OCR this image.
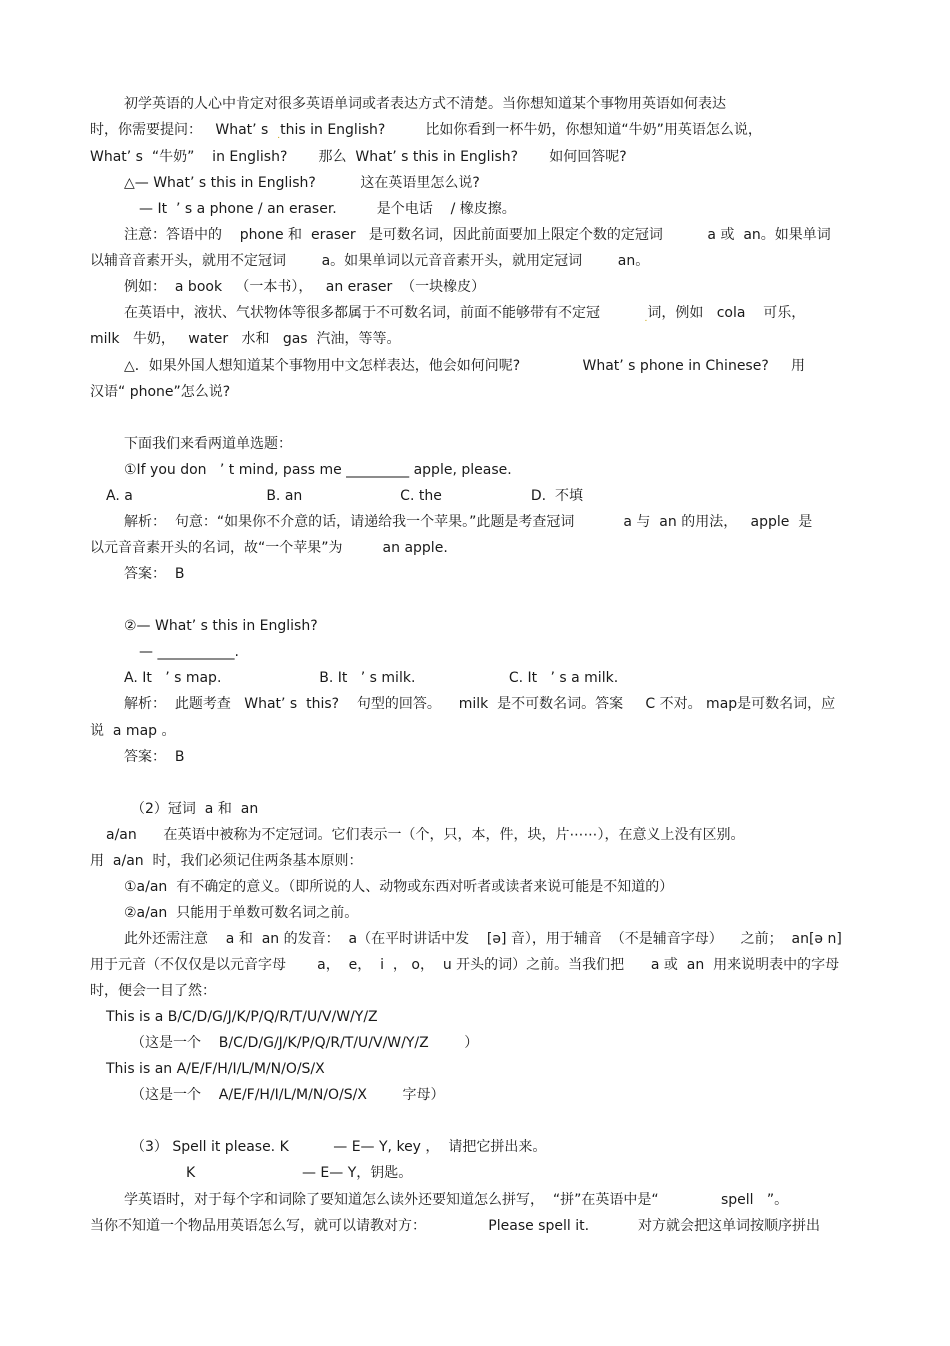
初学英语的人心中肯定对很多英语单词或者表达方式不清楚。当你想知道某个事物用英语如何表达
时，你需要提问：   What’ s  $_.$this in English?         比如你看到一杯牛奶，你想知道“牛奶”用英语怎么说，
What’ s  “牛奶”    in English?       那么  What’ s this in English?       如何回答呢?
△— What’ s this in English?          这在英语里怎么说?
— It  ’ s a phone / an eraser.         是个电话    / 橡皮擦。
注意：答语中的    phone 和  eraser   是可数名词，因此前面要加上限定个数的定冠词          a 或  an。如果单词
以辅音音素开头，就用不定冠词        a。如果单词以元音音素开头，就用定冠词        an。
例如：  a book   （一本书），   an eraser  （一块橡皮）
在英语中，液状、气状物体等很多都属于不可数名词，前面不能够带有不定冠          $_.$词，例如   cola    可乐，
milk   牛奶，   water   水和   gas  汽油，等等。
△．如果外国人想知道某个事物用中文怎样表达，他会如何问呢?              What’ s phone in Chinese?     用
汉语“ phone”怎么说?
下面我们来看两道单选题：
①If you don   ’ t mind, pass me _________ apple, please.
A. a                              B. an                      C. the                    D.  不填
解析：  句意：“如果你不介意的话，请递给我一个苹果。”此题是考查冠词           a 与  an 的用法，   apple  是
以元音音素开头的名词，故“一个苹果”为         an apple.
答案：  B
②— What’ s this in English?
— ___________.
A. It   ’ s map.                      B. It   ’ s milk.                     C. It   ’ s a milk.
解析：  此题考查   What’ s  this?    句型的回答。    milk  是不可数名词。答案     C 不对。 map是可数名词，应
说  a map 。
答案：  B
（2）冠词  a 和  an
a/an      在英语中被称为不定冠词。它们表示一（个，只，本，件，块，片⋯⋯），在意义上没有区别。
用  a/an  时，我们必须记住两条基本原则：
①a/an  有不确定的意义。（即所说的人、动物或东西对听者或读者来说可能是不知道的）
②a/an  只能用于单数可数名词之前。
此外还需注意    a 和  an 的发音：  a（在平时讲话中发    [ə] 音），用于辅音  （不是辅音字母）    之前；  an[ə n]
用于元音（不仅仅是以元音字母       a，  e，  i  ， o，  u 开头的词）之前。当我们把      a 或  an  用来说明表中的字母
时，便会一目了然：
This is a B/C/D/G/J/K/P/Q/R/T/U/V/W/Y/Z
（这是一个    B/C/D/G/J/K/P/Q/R/T/U/V/W/Y/Z        ）
This is an A/E/F/H/I/L/M/N/O/S/X
（这是一个    A/E/F/H/I/L/M/N/O/S/X        字母）
（3） Spell it please. K          — E— Y, key ，  请把它拼出来。
K                        — E— Y，钥匙。
学英语时，对于每个字和词除了要知道怎么读外还要知道怎么拼写，  “拼”在英语中是“              spell   ”。
当你不知道一个物品用英语怎么写，就可以请教对方：              Please spell it.           对方就会把这单词按顺序拼出
